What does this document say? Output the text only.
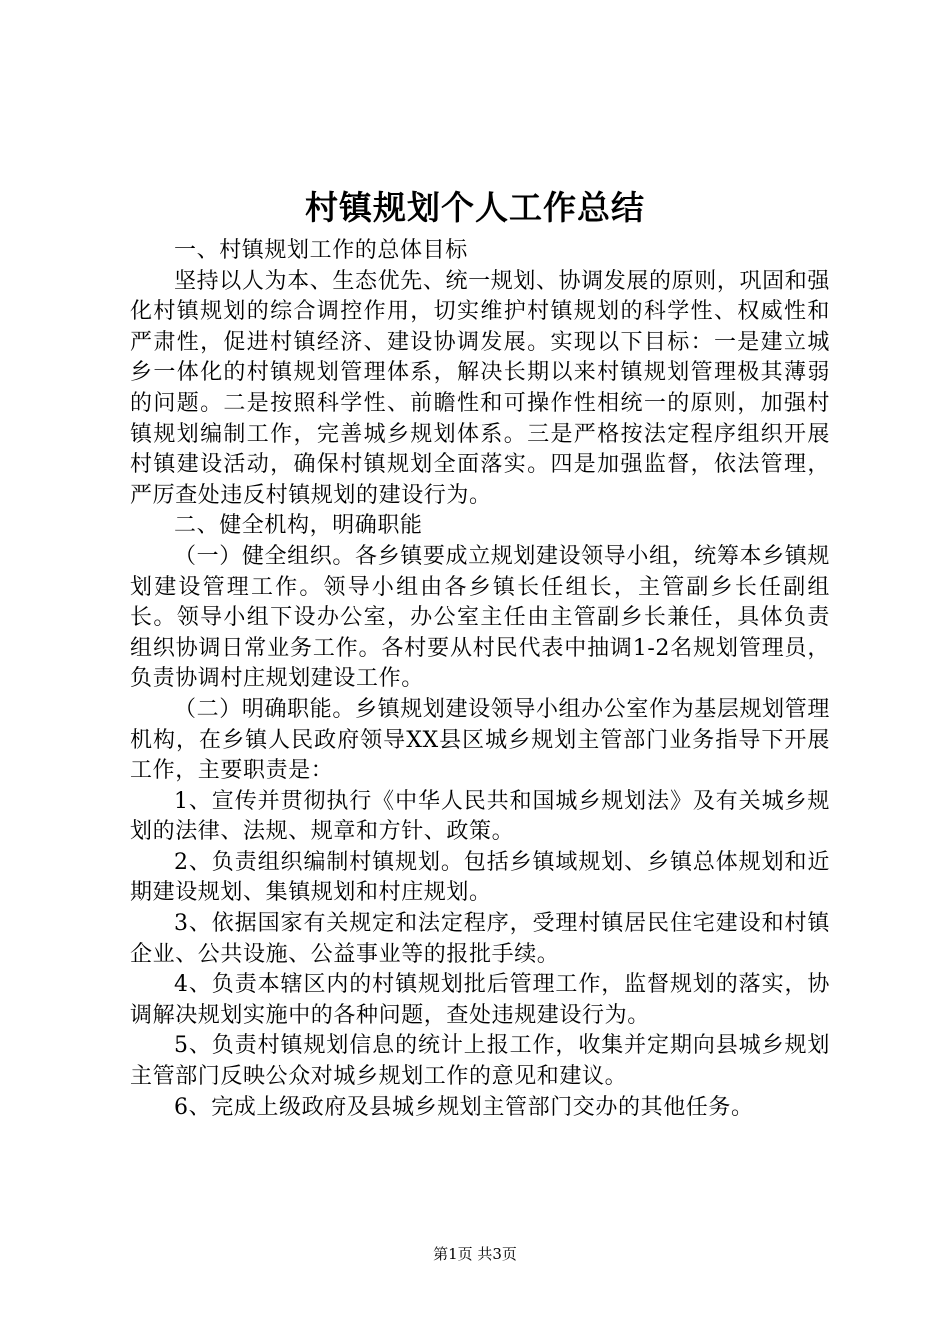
村镇规划个人工作总结

一、村镇规划工作的总体目标

坚持以人为本、生态优先、统一规划、协调发展的原则，巩固和强化村镇规划的综合调控作用，切实维护村镇规划的科学性、权威性和严肃性，促进村镇经济、建设协调发展。实现以下目标：一是建立城乡一体化的村镇规划管理体系，解决长期以来村镇规划管理极其薄弱的问题。二是按照科学性、前瞻性和可操作性相统一的原则，加强村镇规划编制工作，完善城乡规划体系。三是严格按法定程序组织开展村镇建设活动，确保村镇规划全面落实。四是加强监督，依法管理，严厉查处违反村镇规划的建设行为。

二、健全机构，明确职能

（一）健全组织。各乡镇要成立规划建设领导小组，统筹本乡镇规划建设管理工作。领导小组由各乡镇长任组长，主管副乡长任副组长。领导小组下设办公室，办公室主任由主管副乡长兼任，具体负责组织协调日常业务工作。各村要从村民代表中抽调1-2名规划管理员，负责协调村庄规划建设工作。

（二）明确职能。乡镇规划建设领导小组办公室作为基层规划管理机构，在乡镇人民政府领导XX县区城乡规划主管部门业务指导下开展工作，主要职责是：

1、宣传并贯彻执行《中华人民共和国城乡规划法》及有关城乡规划的法律、法规、规章和方针、政策。

2、负责组织编制村镇规划。包括乡镇域规划、乡镇总体规划和近期建设规划、集镇规划和村庄规划。

3、依据国家有关规定和法定程序，受理村镇居民住宅建设和村镇企业、公共设施、公益事业等的报批手续。

4、负责本辖区内的村镇规划批后管理工作，监督规划的落实，协调解决规划实施中的各种问题，查处违规建设行为。

5、负责村镇规划信息的统计上报工作，收集并定期向县城乡规划主管部门反映公众对城乡规划工作的意见和建议。

6、完成上级政府及县城乡规划主管部门交办的其他任务。

第1页 共3页
